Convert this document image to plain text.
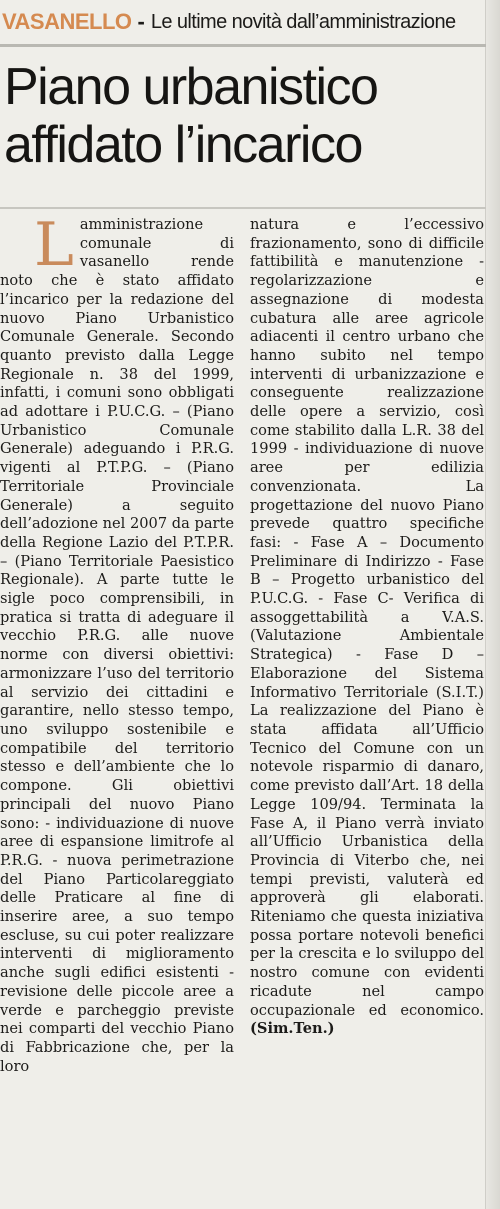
VASANELLO - Le ultime novità dall’amministrazione
Piano urbanistico
affidato l’incarico

Lamministrazione comunale di vasanello rende noto che è stato affidato l’incarico per la redazione del nuovo Piano Urbanistico Comunale Generale. Secondo quanto previsto dalla Legge Regionale n. 38 del 1999, infatti, i comuni sono obbligati ad adottare i P.U.C.G. – (Piano Urbanistico Comunale Generale) adeguando i P.R.G. vigenti al P.T.P.G. – (Piano Territoriale Provinciale Generale) a seguito dell’adozione nel 2007 da parte della Regione Lazio del P.T.P.R. – (Piano Territoriale Paesistico Regionale). A parte tutte le sigle poco comprensibili, in pratica si tratta di adeguare il vecchio P.R.G. alle nuove norme con diversi obiettivi: armonizzare l’uso del territorio al servizio dei cittadini e garantire, nello stesso tempo, uno sviluppo sostenibile e compatibile del territorio stesso e dell’ambiente che lo compone. Gli obiettivi principali del nuovo Piano sono: - individuazione di nuove aree di espansione limitrofe al P.R.G. - nuova perimetrazione del Piano Particolareggiato delle Praticare al fine di inserire aree, a suo tempo escluse, su cui poter realizzare interventi di miglioramento anche sugli edifici esistenti - revisione delle piccole aree a verde e parcheggio previste nei comparti del vecchio Piano di Fabbricazione che, per la loro

natura e l’eccessivo frazionamento, sono di difficile fattibilità e manutenzione - regolarizzazione e assegnazione di modesta cubatura alle aree agricole adiacenti il centro urbano che hanno subito nel tempo interventi di urbanizzazione e conseguente realizzazione delle opere a servizio, così come stabilito dalla L.R. 38 del 1999 - individuazione di nuove aree per edilizia convenzionata. La progettazione del nuovo Piano prevede quattro specifiche fasi: - Fase A – Documento Preliminare di Indirizzo - Fase B – Progetto urbanistico del P.U.C.G. - Fase C- Verifica di assoggettabilità a V.A.S. (Valutazione Ambientale Strategica) - Fase D – Elaborazione del Sistema Informativo Territoriale (S.I.T.) La realizzazione del Piano è stata affidata all’Ufficio Tecnico del Comune con un notevole risparmio di danaro, come previsto dall’Art. 18 della Legge 109/94. Terminata la Fase A, il Piano verrà inviato all’Ufficio Urbanistica della Provincia di Viterbo che, nei tempi previsti, valuterà ed approverà gli elaborati. Riteniamo che questa iniziativa possa portare notevoli benefici per la crescita e lo sviluppo del nostro comune con evidenti ricadute nel campo occupazionale ed economico. (Sim.Ten.)
